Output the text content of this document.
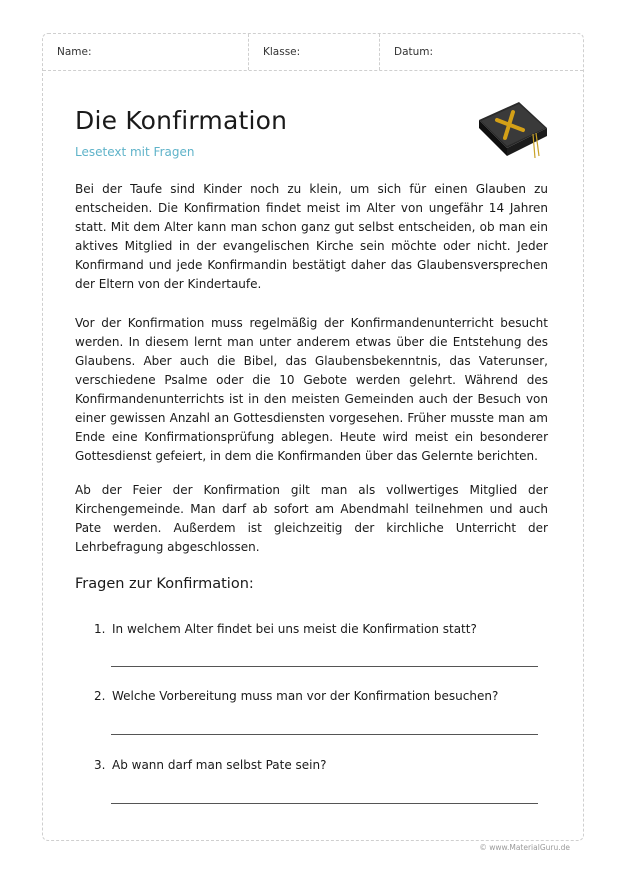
Name:	Klasse:	Datum:
Die Konfirmation
Lesetext mit Fragen

Bei der Taufe sind Kinder noch zu klein, um sich für einen Glauben zu entscheiden. Die Konfirmation findet meist im Alter von ungefähr 14 Jahren statt. Mit dem Alter kann man schon ganz gut selbst entscheiden, ob man ein aktives Mitglied in der evangelischen Kirche sein möchte oder nicht. Jeder Konfirmand und jede Konfirmandin bestätigt daher das Glaubensversprechen der Eltern von der Kindertaufe.

Vor der Konfirmation muss regelmäßig der Konfirmandenunterricht besucht werden. In diesem lernt man unter anderem etwas über die Entstehung des Glaubens. Aber auch die Bibel, das Glaubensbekenntnis, das Vaterunser, verschiedene Psalme oder die 10 Gebote werden gelehrt. Während des Konfirmandenunterrichts ist in den meisten Gemeinden auch der Besuch von einer gewissen Anzahl an Gottesdiensten vorgesehen. Früher musste man am Ende eine Konfirmationsprüfung ablegen. Heute wird meist ein besonderer Gottesdienst gefeiert, in dem die Konfirmanden über das Gelernte berichten.

Ab der Feier der Konfirmation gilt man als vollwertiges Mitglied der Kirchengemeinde. Man darf ab sofort am Abendmahl teilnehmen und auch Pate werden. Außerdem ist gleichzeitig der kirchliche Unterricht der Lehrbefragung abgeschlossen.

Fragen zur Konfirmation:
1. In welchem Alter findet bei uns meist die Konfirmation statt?
2. Welche Vorbereitung muss man vor der Konfirmation besuchen?
3. Ab wann darf man selbst Pate sein?
© www.MaterialGuru.de
